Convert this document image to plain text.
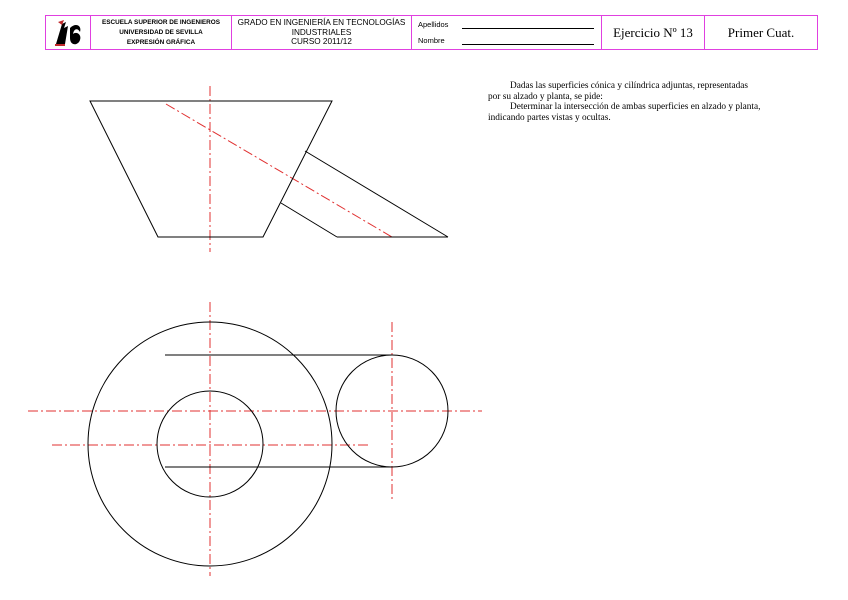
ESCUELA SUPERIOR DE INGENIEROS
UNIVERSIDAD DE SEVILLA
EXPRESIÓN GRÁFICA
GRADO EN INGENIERÍA EN TECNOLOGÍAS
INDUSTRIALES
CURSO 2011/12
Apellidos
Nombre
Ejercicio Nº 13	Primer Cuat.

Dadas las superficies cónica y cilíndrica adjuntas, representadas

por su alzado y planta, se pide:

Determinar la intersección de ambas superficies en alzado y planta,

indicando partes vistas y ocultas.
